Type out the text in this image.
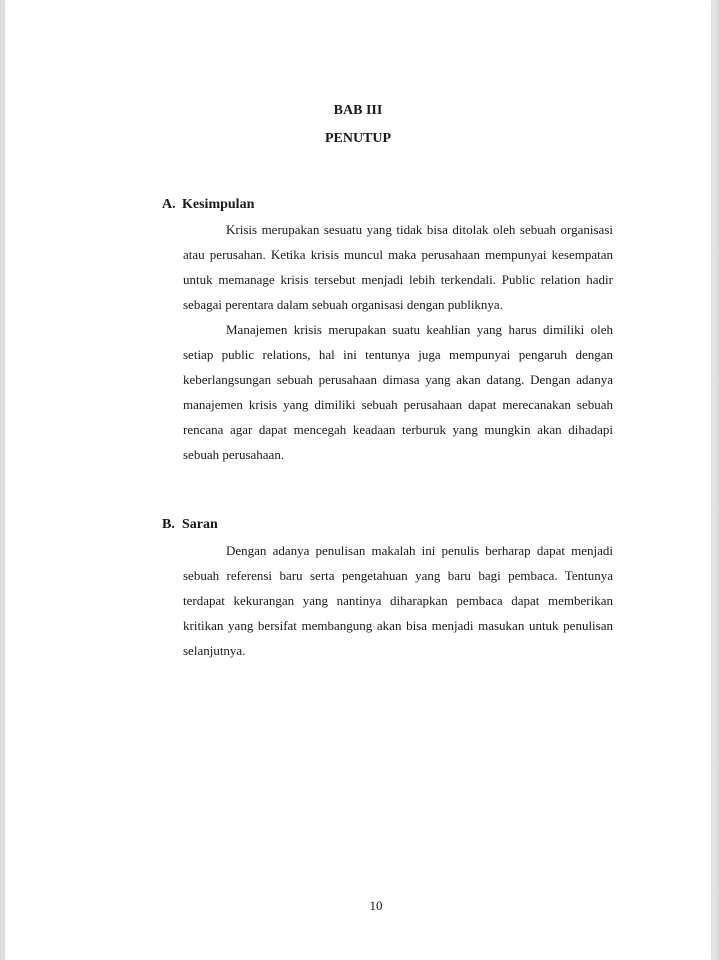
BAB III
PENUTUP
A. Kesimpulan

Krisis merupakan sesuatu yang tidak bisa ditolak oleh sebuah organisasi atau perusahan. Ketika krisis muncul maka perusahaan mempunyai kesempatan untuk memanage krisis tersebut menjadi lebih terkendali. Public relation hadir sebagai perentara dalam sebuah organisasi dengan publiknya.

Manajemen krisis merupakan suatu keahlian yang harus dimiliki oleh setiap public relations, hal ini tentunya juga mempunyai pengaruh dengan keberlangsungan sebuah perusahaan dimasa yang akan datang. Dengan adanya manajemen krisis yang dimiliki sebuah perusahaan dapat merecanakan sebuah rencana agar dapat mencegah keadaan terburuk yang mungkin akan dihadapi sebuah perusahaan.

B. Saran

Dengan adanya penulisan makalah ini penulis berharap dapat menjadi sebuah referensi baru serta pengetahuan yang baru bagi pembaca. Tentunya terdapat kekurangan yang nantinya diharapkan pembaca dapat memberikan kritikan yang bersifat membangung akan bisa menjadi masukan untuk penulisan selanjutnya.

10
